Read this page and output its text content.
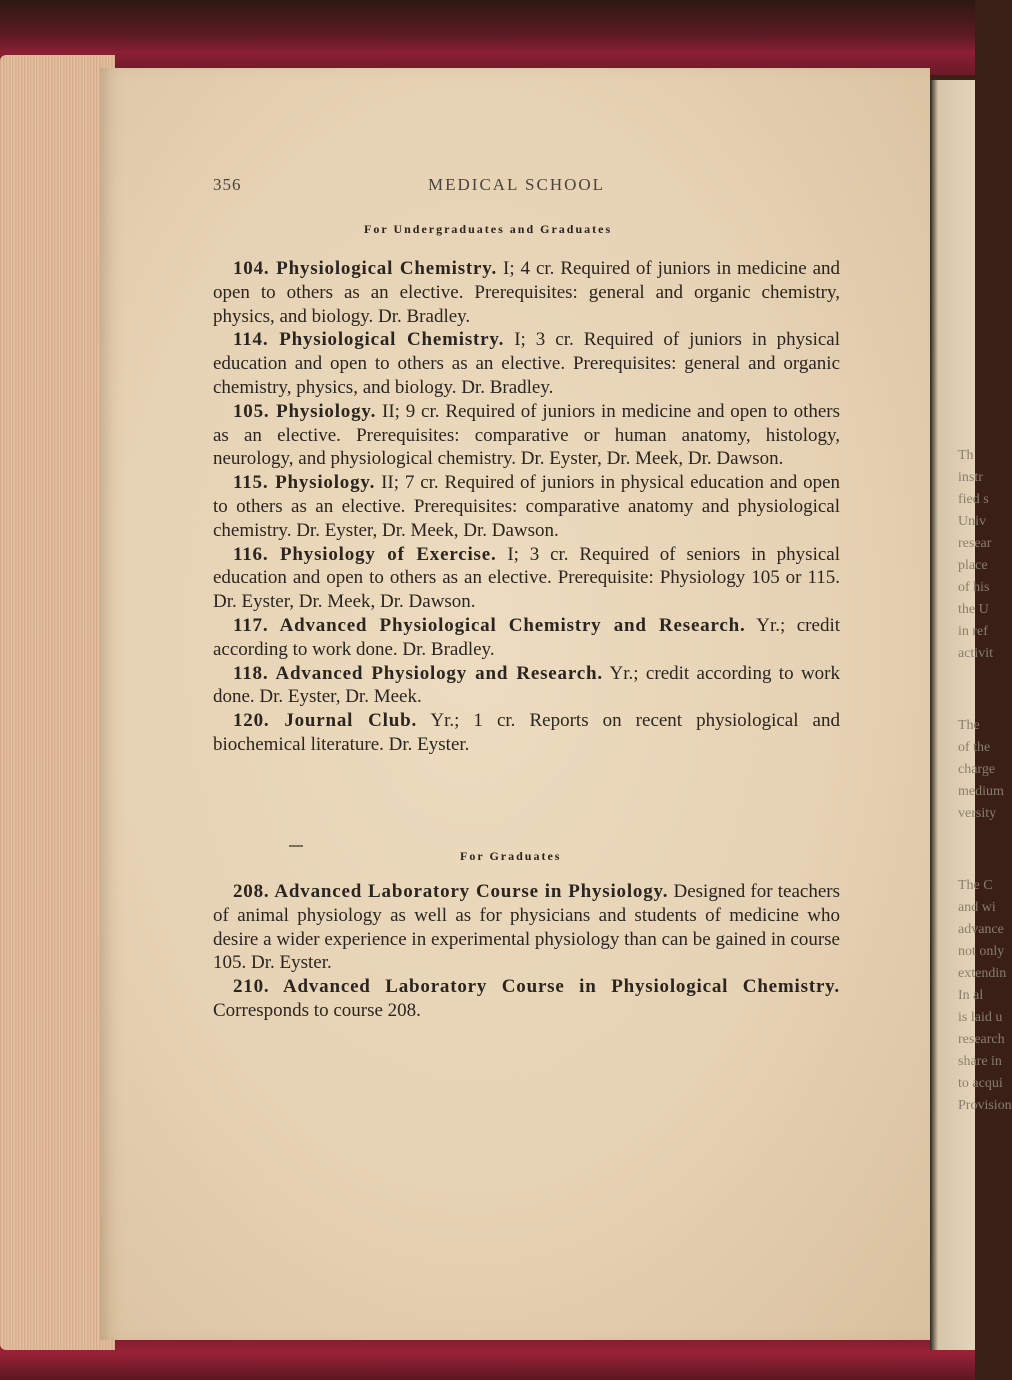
Th
instr
fied s
Univ
resear
place
of his
the U
in ref
activit
The
of the
charge
medium
versity
The C
and wi
advance
not only
extendin
In al
is laid u
research
share in
to acqui
Provision
356	MEDICAL SCHOOL
For Undergraduates and Graduates

104. Physiological Chemistry. I; 4 cr. Required of juniors in medicine and open to others as an elective. Prerequisites: general and organic chemistry, physics, and biology. Dr. Bradley.

114. Physiological Chemistry. I; 3 cr. Required of juniors in physical education and open to others as an elective. Prerequisites: general and organic chemistry, physics, and biology. Dr. Bradley.

105. Physiology. II; 9 cr. Required of juniors in medicine and open to others as an elective. Prerequisites: comparative or human anatomy, histology, neurology, and physiological chemistry. Dr. Eyster, Dr. Meek, Dr. Dawson.

115. Physiology. II; 7 cr. Required of juniors in physical education and open to others as an elective. Prerequisites: comparative anatomy and physiological chemistry. Dr. Eyster, Dr. Meek, Dr. Dawson.

116. Physiology of Exercise. I; 3 cr. Required of seniors in physical education and open to others as an elective. Prerequisite: Physiology 105 or 115. Dr. Eyster, Dr. Meek, Dr. Dawson.

117. Advanced Physiological Chemistry and Research. Yr.; credit according to work done. Dr. Bradley.

118. Advanced Physiology and Research. Yr.; credit according to work done. Dr. Eyster, Dr. Meek.

120. Journal Club. Yr.; 1 cr. Reports on recent physiological and biochemical literature. Dr. Eyster.

For Graduates

208. Advanced Laboratory Course in Physiology. Designed for teachers of animal physiology as well as for physicians and students of medicine who desire a wider experience in experimental physiology than can be gained in course 105. Dr. Eyster.

210. Advanced Laboratory Course in Physiological Chemistry. Corresponds to course 208.
